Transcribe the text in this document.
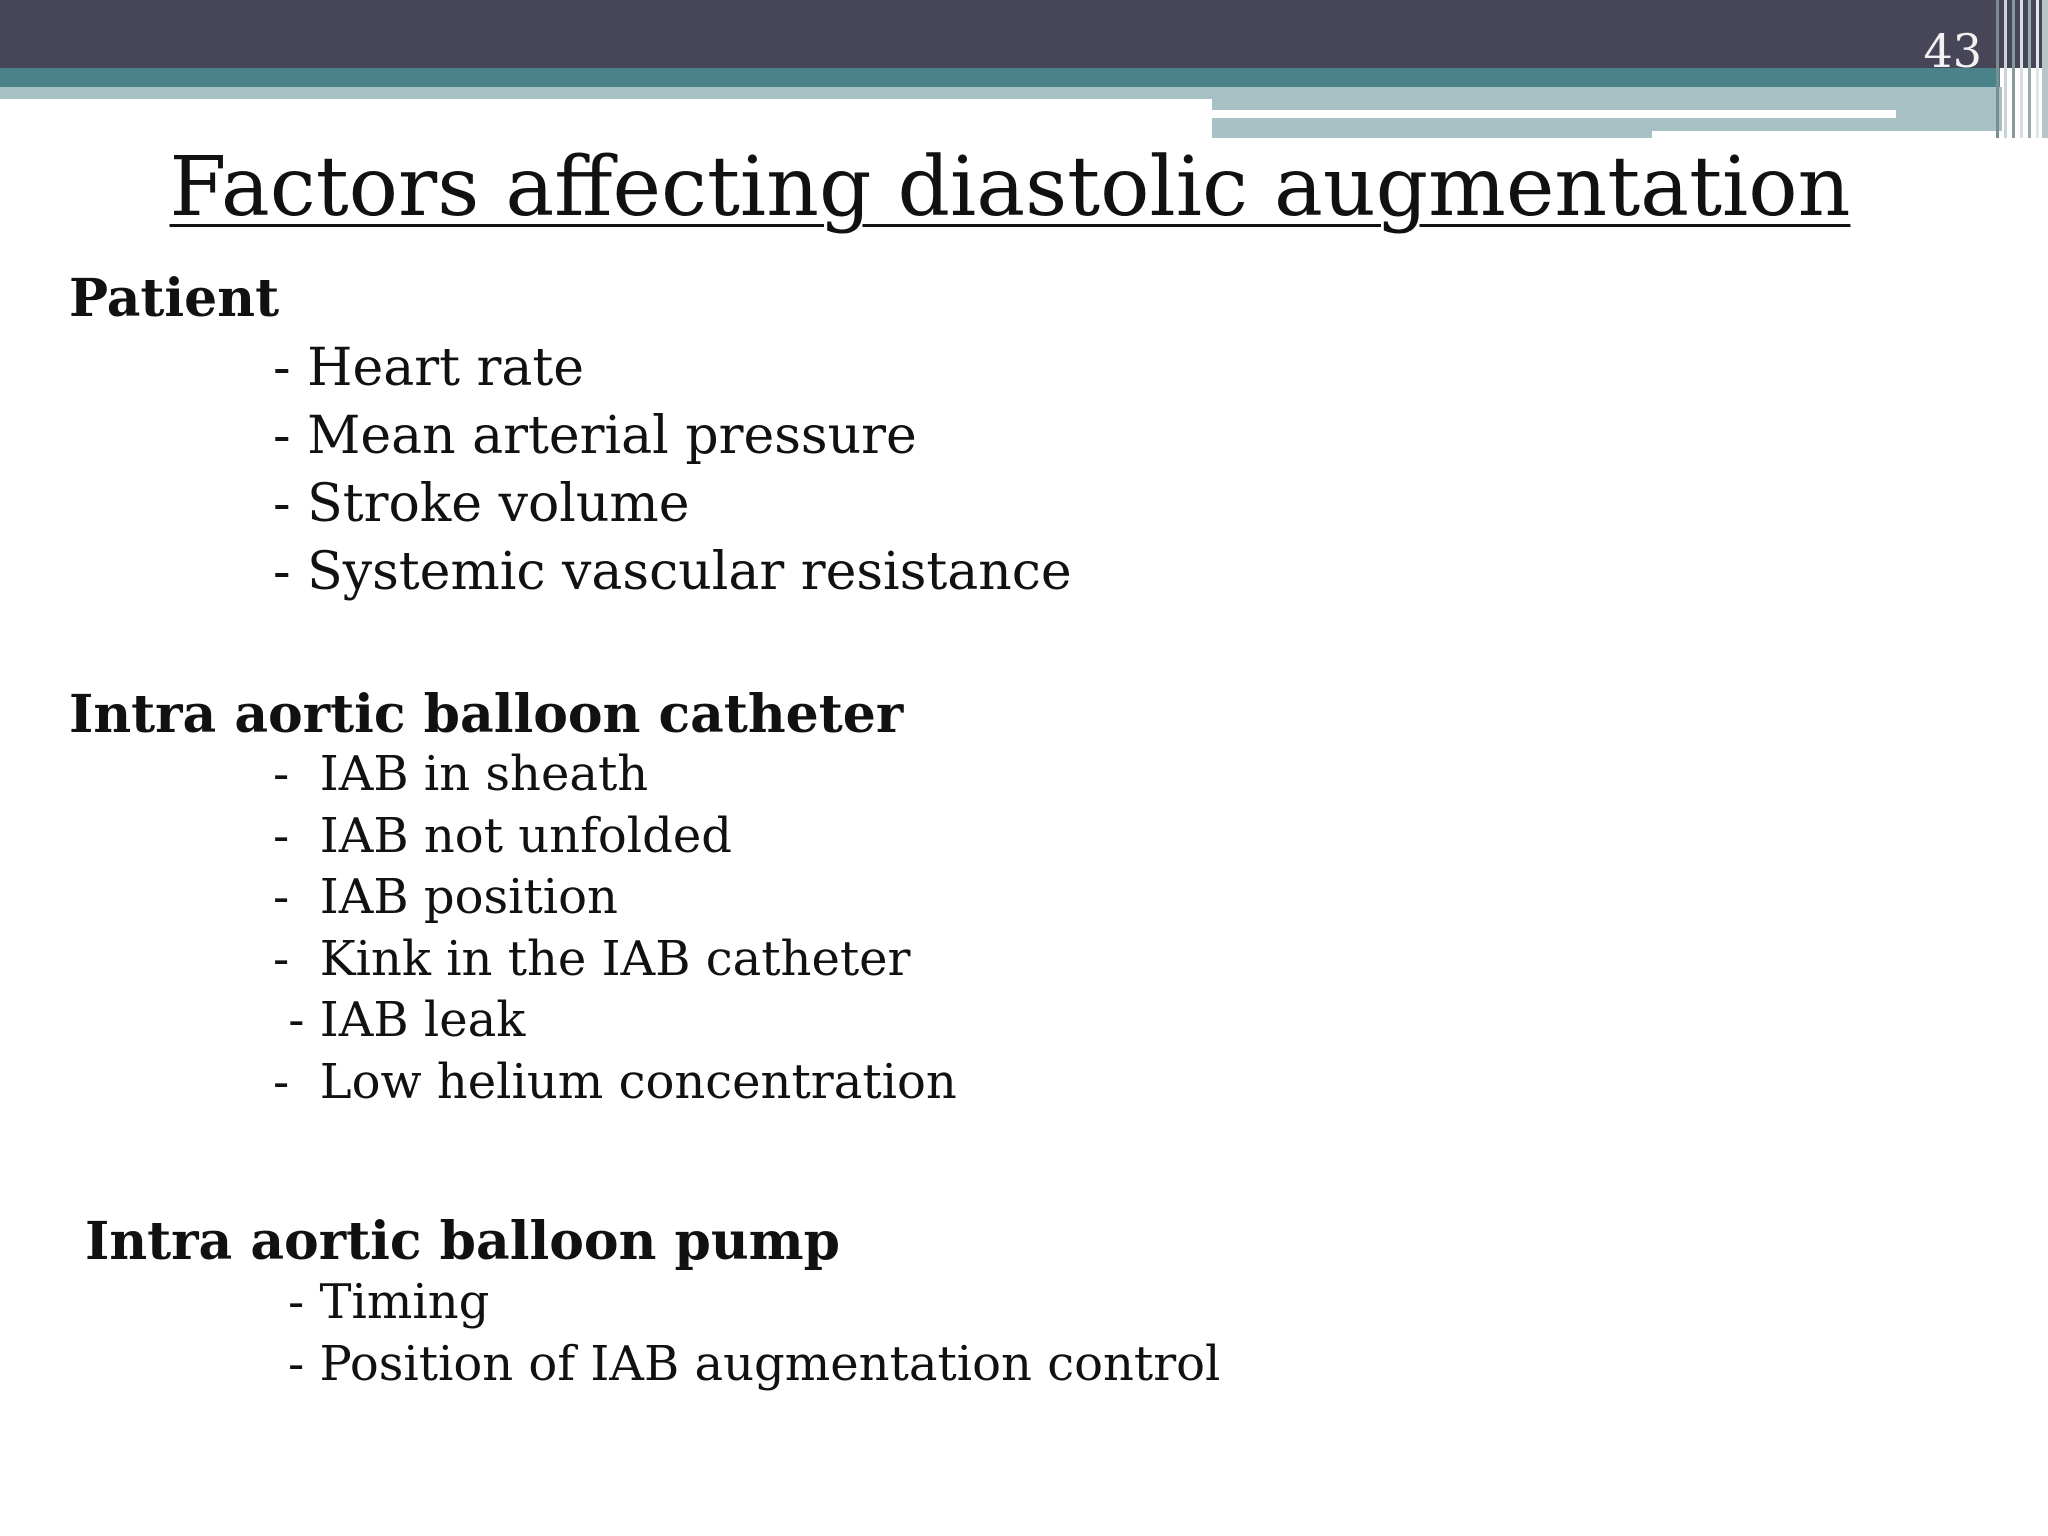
43
Factors affecting diastolic augmentation
Patient
- Heart rate
- Mean arterial pressure
- Stroke volume
- Systemic vascular resistance
Intra aortic balloon catheter
-  IAB in sheath
-  IAB not unfolded
-  IAB position
-  Kink in the IAB catheter
- IAB leak
-  Low helium concentration
Intra aortic balloon pump
- Timing
- Position of IAB augmentation control
